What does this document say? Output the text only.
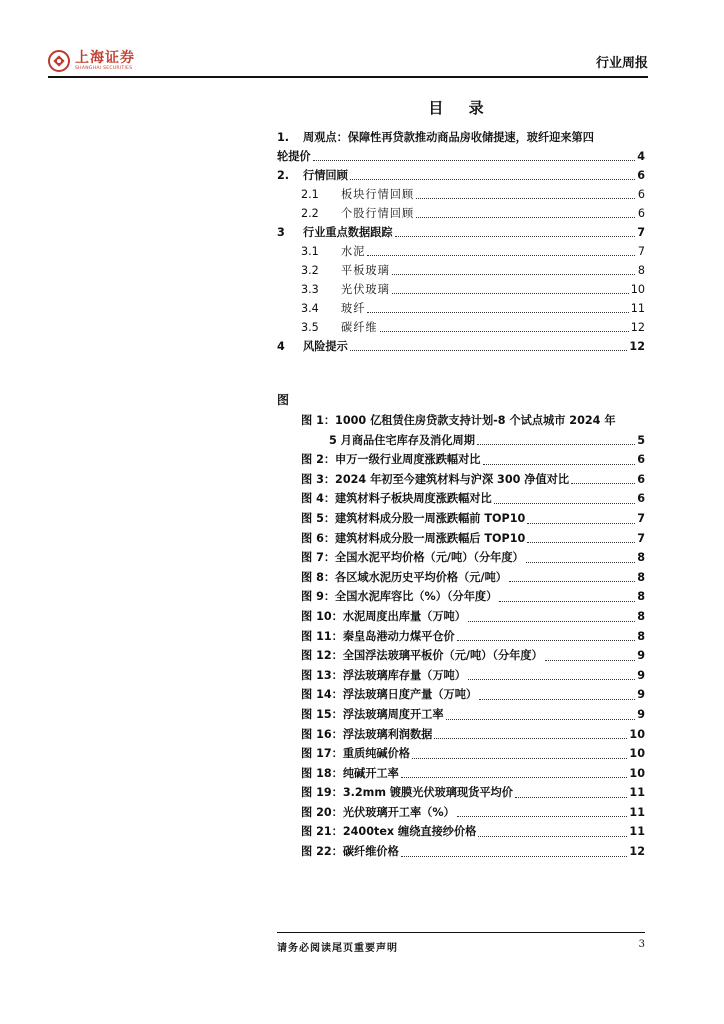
上海证券
SHANGHAI SECURITIES	行业周报
目 录
1.	周观点：保障性再贷款推动商品房收储提速，玻纤迎来第四
轮提价	4
2.	行情回顾	6
2.1	板块行情回顾	6
2.2	个股行情回顾	6
3	行业重点数据跟踪	7
3.1	水泥	7
3.2	平板玻璃	8
3.3	光伏玻璃	10
3.4	玻纤	11
3.5	碳纤维	12
4	风险提示	12
图
图 1：1000 亿租赁住房贷款支持计划-8 个试点城市 2024 年
5 月商品住宅库存及消化周期	5
图 2：申万一级行业周度涨跌幅对比	6
图 3：2024 年初至今建筑材料与沪深 300 净值对比	6
图 4：建筑材料子板块周度涨跌幅对比	6
图 5：建筑材料成分股一周涨跌幅前 TOP10	7
图 6：建筑材料成分股一周涨跌幅后 TOP10	7
图 7：全国水泥平均价格（元/吨）（分年度）	8
图 8：各区域水泥历史平均价格（元/吨）	8
图 9：全国水泥库容比（%）（分年度）	8
图 10：水泥周度出库量（万吨）	8
图 11：秦皇岛港动力煤平仓价	8
图 12：全国浮法玻璃平板价（元/吨）（分年度）	9
图 13：浮法玻璃库存量（万吨）	9
图 14：浮法玻璃日度产量（万吨）	9
图 15：浮法玻璃周度开工率	9
图 16：浮法玻璃利润数据	10
图 17：重质纯碱价格	10
图 18：纯碱开工率	10
图 19：3.2mm 镀膜光伏玻璃现货平均价	11
图 20：光伏玻璃开工率（%）	11
图 21：2400tex 缠绕直接纱价格	11
图 22：碳纤维价格	12
请务必阅读尾页重要声明	3
